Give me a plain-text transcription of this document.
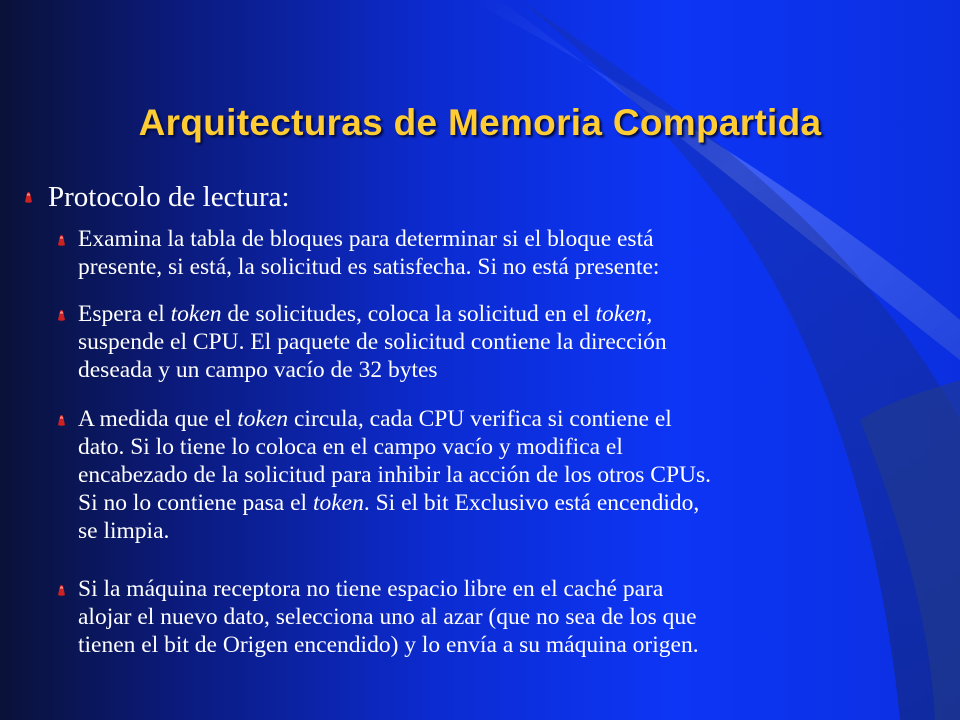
Arquitecturas de Memoria Compartida
Protocolo de lectura:

Examina la tabla de bloques para determinar si el bloque está

presente, si está, la solicitud es satisfecha. Si no está presente:

Espera el token de solicitudes, coloca la solicitud en el token,

suspende el CPU. El paquete de solicitud contiene la dirección

deseada y un campo vacío de 32 bytes

A medida que el token circula, cada CPU verifica si contiene el

dato. Si lo tiene lo coloca en el campo vacío y modifica el

encabezado de la solicitud para inhibir la acción de los otros CPUs.

Si no lo contiene pasa el token. Si el bit Exclusivo está encendido,

se limpia.

Si la máquina receptora no tiene espacio libre en el caché para

alojar el nuevo dato, selecciona uno al azar (que no sea de los que

tienen el bit de Origen encendido) y lo envía a su máquina origen.
